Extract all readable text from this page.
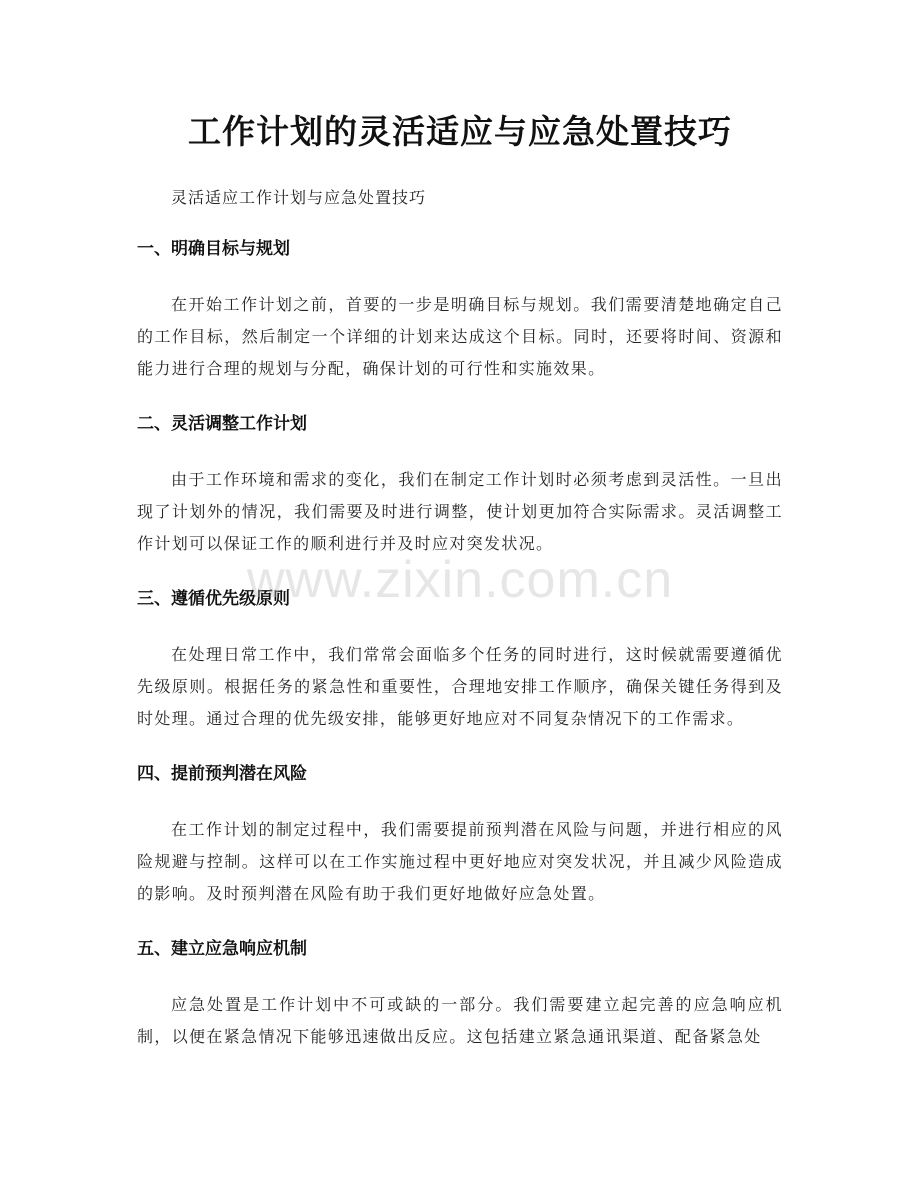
工作计划的灵活适应与应急处置技巧

灵活适应工作计划与应急处置技巧

一、明确目标与规划

在开始工作计划之前，首要的一步是明确目标与规划。我们需要清楚地确定自己的工作目标，然后制定一个详细的计划来达成这个目标。同时，还要将时间、资源和能力进行合理的规划与分配，确保计划的可行性和实施效果。

二、灵活调整工作计划

由于工作环境和需求的变化，我们在制定工作计划时必须考虑到灵活性。一旦出现了计划外的情况，我们需要及时进行调整，使计划更加符合实际需求。灵活调整工作计划可以保证工作的顺利进行并及时应对突发状况。

三、遵循优先级原则

在处理日常工作中，我们常常会面临多个任务的同时进行，这时候就需要遵循优先级原则。根据任务的紧急性和重要性，合理地安排工作顺序，确保关键任务得到及时处理。通过合理的优先级安排，能够更好地应对不同复杂情况下的工作需求。

四、提前预判潜在风险

在工作计划的制定过程中，我们需要提前预判潜在风险与问题，并进行相应的风险规避与控制。这样可以在工作实施过程中更好地应对突发状况，并且减少风险造成的影响。及时预判潜在风险有助于我们更好地做好应急处置。

五、建立应急响应机制

应急处置是工作计划中不可或缺的一部分。我们需要建立起完善的应急响应机制，以便在紧急情况下能够迅速做出反应。这包括建立紧急通讯渠道、配备紧急处

www.zixin.com.cn
